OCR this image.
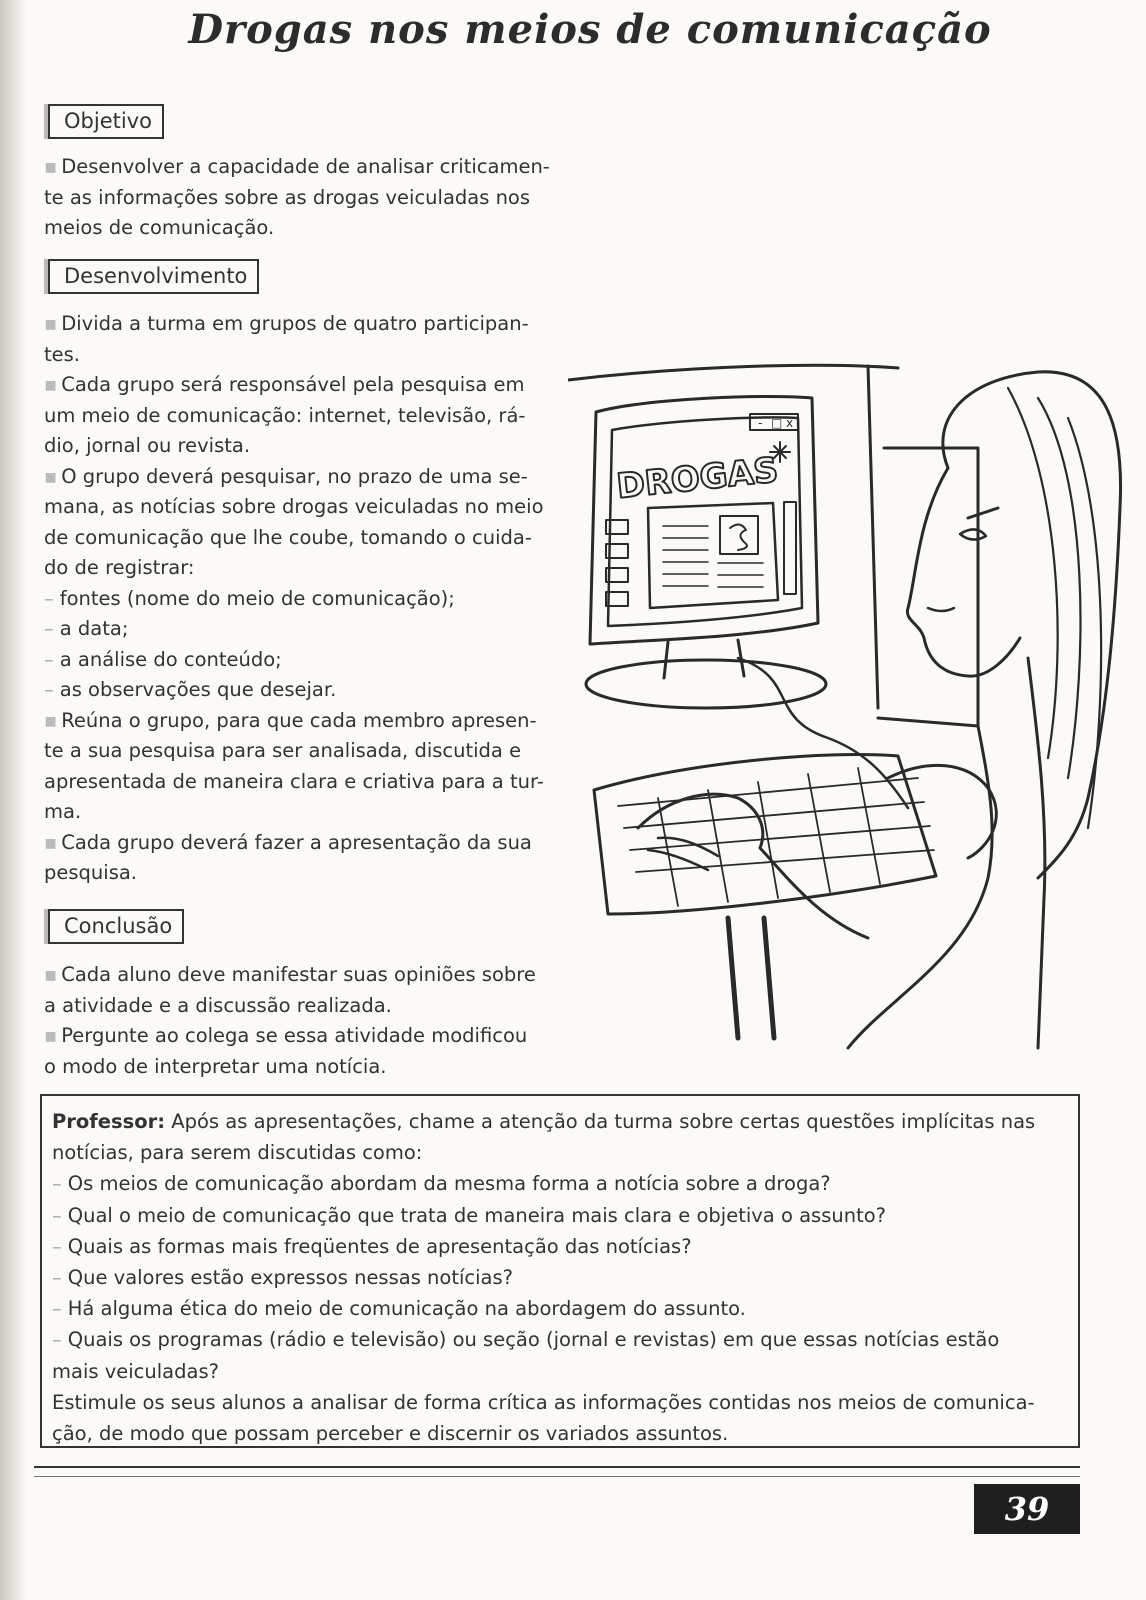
Drogas nos meios de comunicação
Objetivo

▪ Desenvolver a capacidade de analisar criticamen-

te as informações sobre as drogas veiculadas nos

meios de comunicação.

Desenvolvimento

▪ Divida a turma em grupos de quatro participan-

tes.

▪ Cada grupo será responsável pela pesquisa em

um meio de comunicação: internet, televisão, rá-

dio, jornal ou revista.

▪ O grupo deverá pesquisar, no prazo de uma se-

mana, as notícias sobre drogas veiculadas no meio

de comunicação que lhe coube, tomando o cuida-

do de registrar:

– fontes (nome do meio de comunicação);

– a data;

– a análise do conteúdo;

– as observações que desejar.

▪ Reúna o grupo, para que cada membro apresen-

te a sua pesquisa para ser analisada, discutida e

apresentada de maneira clara e criativa para a tur-

ma.

▪ Cada grupo deverá fazer a apresentação da sua

pesquisa.

Conclusão

▪ Cada aluno deve manifestar suas opiniões sobre

a atividade e a discussão realizada.

▪ Pergunte ao colega se essa atividade modificou

o modo de interpretar uma notícia.

- □ x
DROGAS

Professor: Após as apresentações, chame a atenção da turma sobre certas questões implícitas nas

notícias, para serem discutidas como:

– Os meios de comunicação abordam da mesma forma a notícia sobre a droga?

– Qual o meio de comunicação que trata de maneira mais clara e objetiva o assunto?

– Quais as formas mais freqüentes de apresentação das notícias?

– Que valores estão expressos nessas notícias?

– Há alguma ética do meio de comunicação na abordagem do assunto.

– Quais os programas (rádio e televisão) ou seção (jornal e revistas) em que essas notícias estão

mais veiculadas?

Estimule os seus alunos a analisar de forma crítica as informações contidas nos meios de comunica-

ção, de modo que possam perceber e discernir os variados assuntos.

39
